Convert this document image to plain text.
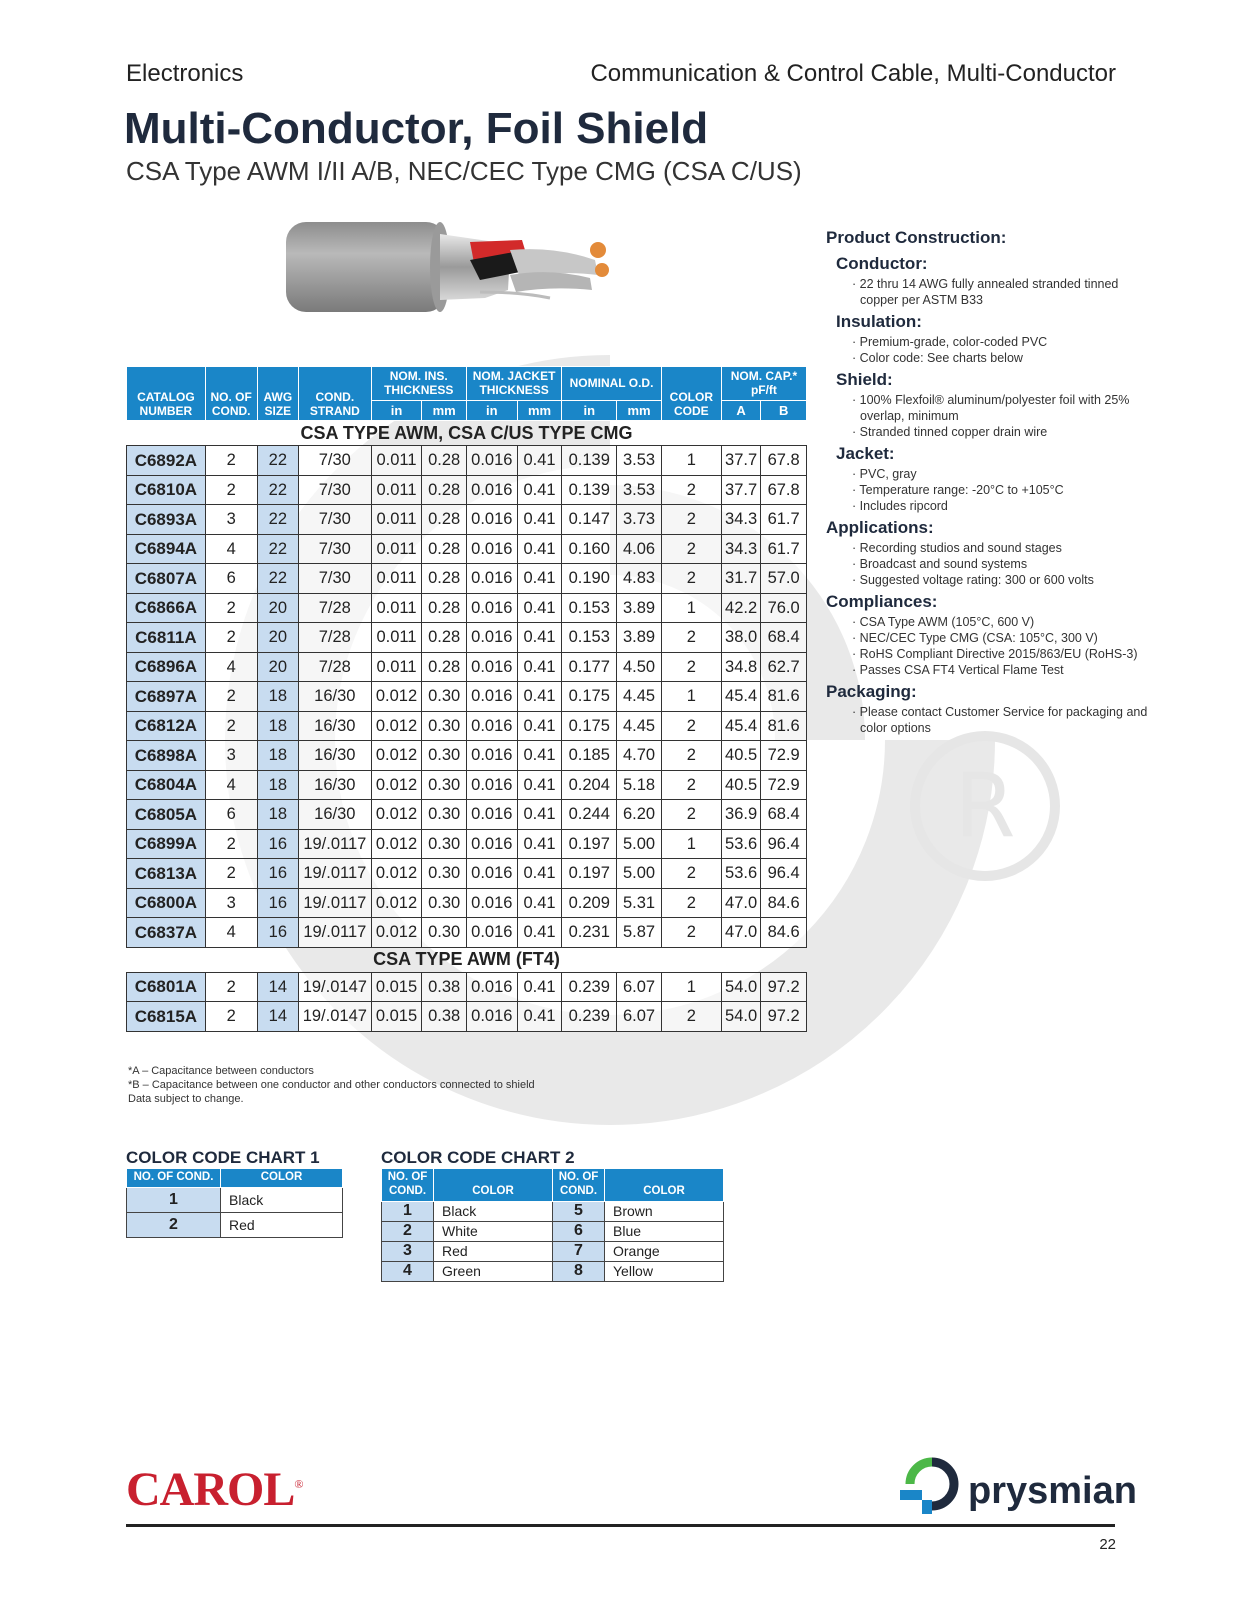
Electronics	Communication & Control Cable, Multi-Conductor
Multi-Conductor, Foil Shield
CSA Type AWM I/II A/B, NEC/CEC Type CMG (CSA C/US)
R
CATALOG NUMBER	NO. OF COND.	AWG SIZE	COND. STRAND	NOM. INS. THICKNESS		NOM. JACKET THICKNESS		NOMINAL O.D.		COLOR CODE	NOM. CAP.* pF/ft	
				in	mm	in	mm	in	mm		A	B
CSA TYPE AWM, CSA C/US TYPE CMG												
C6892A	2	22	7/30	0.011	0.28	0.016	0.41	0.139	3.53	1	37.7	67.8
C6810A	2	22	7/30	0.011	0.28	0.016	0.41	0.139	3.53	2	37.7	67.8
C6893A	3	22	7/30	0.011	0.28	0.016	0.41	0.147	3.73	2	34.3	61.7
C6894A	4	22	7/30	0.011	0.28	0.016	0.41	0.160	4.06	2	34.3	61.7
C6807A	6	22	7/30	0.011	0.28	0.016	0.41	0.190	4.83	2	31.7	57.0
C6866A	2	20	7/28	0.011	0.28	0.016	0.41	0.153	3.89	1	42.2	76.0
C6811A	2	20	7/28	0.011	0.28	0.016	0.41	0.153	3.89	2	38.0	68.4
C6896A	4	20	7/28	0.011	0.28	0.016	0.41	0.177	4.50	2	34.8	62.7
C6897A	2	18	16/30	0.012	0.30	0.016	0.41	0.175	4.45	1	45.4	81.6
C6812A	2	18	16/30	0.012	0.30	0.016	0.41	0.175	4.45	2	45.4	81.6
C6898A	3	18	16/30	0.012	0.30	0.016	0.41	0.185	4.70	2	40.5	72.9
C6804A	4	18	16/30	0.012	0.30	0.016	0.41	0.204	5.18	2	40.5	72.9
C6805A	6	18	16/30	0.012	0.30	0.016	0.41	0.244	6.20	2	36.9	68.4
C6899A	2	16	19/.0117	0.012	0.30	0.016	0.41	0.197	5.00	1	53.6	96.4
C6813A	2	16	19/.0117	0.012	0.30	0.016	0.41	0.197	5.00	2	53.6	96.4
C6800A	3	16	19/.0117	0.012	0.30	0.016	0.41	0.209	5.31	2	47.0	84.6
C6837A	4	16	19/.0117	0.012	0.30	0.016	0.41	0.231	5.87	2	47.0	84.6
CSA TYPE AWM (FT4)												
C6801A	2	14	19/.0147	0.015	0.38	0.016	0.41	0.239	6.07	1	54.0	97.2
C6815A	2	14	19/.0147	0.015	0.38	0.016	0.41	0.239	6.07	2	54.0	97.2
*A – Capacitance between conductors
*B – Capacitance between one conductor and other conductors connected to shield
Data subject to change.
Product Construction:
Conductor:
· 22 thru 14 AWG fully annealed stranded tinned copper per ASTM B33
Insulation:
· Premium-grade, color-coded PVC
· Color code: See charts below
Shield:
· 100% Flexfoil® aluminum/polyester foil with 25% overlap, minimum
· Stranded tinned copper drain wire
Jacket:
· PVC, gray
· Temperature range: -20°C to +105°C
· Includes ripcord
Applications:
· Recording studios and sound stages
· Broadcast and sound systems
· Suggested voltage rating: 300 or 600 volts
Compliances:
· CSA Type AWM (105°C, 600 V)
· NEC/CEC Type CMG (CSA: 105°C, 300 V)
· RoHS Compliant Directive 2015/863/EU (RoHS-3)
· Passes CSA FT4 Vertical Flame Test
Packaging:
· Please contact Customer Service for packaging and color options
COLOR CODE CHART 1
NO. OF COND.	COLOR
1	Black
2	Red
COLOR CODE CHART 2
NO. OF COND.	COLOR	NO. OF COND.	COLOR
1	Black	5	Brown
2	White	6	Blue
3	Red	7	Orange
4	Green	8	Yellow
CAROL®	prysmian
22
